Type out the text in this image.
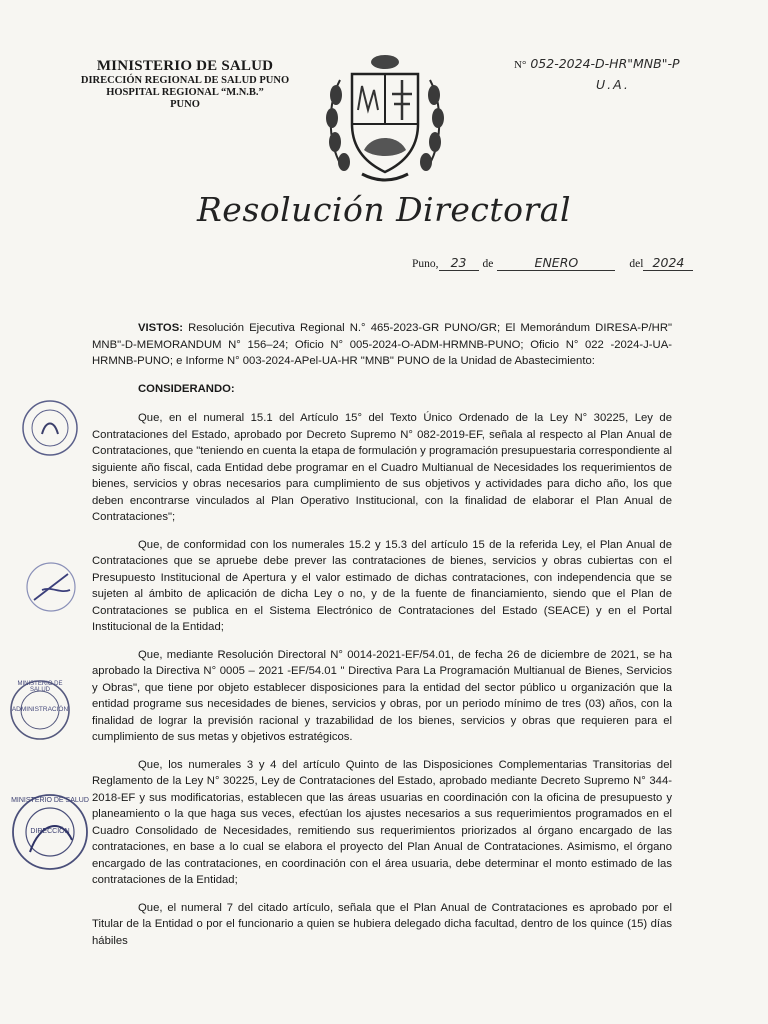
MINISTERIO DE SALUD
DIRECCIÓN REGIONAL DE SALUD PUNO
HOSPITAL REGIONAL “M.N.B.”
PUNO
N° 052-2024-D-HR"MNB"-P
U.A.
Resolución Directoral
Puno, 23	de	ENERO	del 2024

VISTOS: Resolución Ejecutiva Regional N.° 465-2023-GR PUNO/GR; El Memorándum DIRESA-P/HR" MNB"-D-MEMORANDUM N° 156–24; Oficio N° 005-2024-O-ADM-HRMNB-PUNO; Oficio N° 022 -2024-J-UA-HRMNB-PUNO; e Informe N° 003-2024-APel-UA-HR "MNB" PUNO de la Unidad de Abastecimiento:

CONSIDERANDO:

Que, en el numeral 15.1 del Artículo 15° del Texto Único Ordenado de la Ley N° 30225, Ley de Contrataciones del Estado, aprobado por Decreto Supremo N° 082-2019-EF, señala al respecto al Plan Anual de Contrataciones, que "teniendo en cuenta la etapa de formulación y programación presupuestaria correspondiente al siguiente año fiscal, cada Entidad debe programar en el Cuadro Multianual de Necesidades los requerimientos de bienes, servicios y obras necesarios para cumplimiento de sus objetivos y actividades para dicho año, los que deben encontrarse vinculados al Plan Operativo Institucional, con la finalidad de elaborar el Plan Anual de Contrataciones";

Que, de conformidad con los numerales 15.2 y 15.3 del artículo 15 de la referida Ley, el Plan Anual de Contrataciones que se apruebe debe prever las contrataciones de bienes, servicios y obras cubiertas con el Presupuesto Institucional de Apertura y el valor estimado de dichas contrataciones, con independencia que se sujeten al ámbito de aplicación de dicha Ley o no, y de la fuente de financiamiento, siendo que el Plan de Contrataciones se publica en el Sistema Electrónico de Contrataciones del Estado (SEACE) y en el Portal Institucional de la Entidad;

Que, mediante Resolución Directoral N° 0014-2021-EF/54.01, de fecha 26 de diciembre de 2021, se ha aprobado la Directiva N° 0005 – 2021 -EF/54.01 " Directiva Para La Programación Multianual de Bienes, Servicios y Obras", que tiene por objeto establecer disposiciones para la entidad del sector público u organización que la entidad programe sus necesidades de bienes, servicios y obras, por un periodo mínimo de tres (03) años, con la finalidad de lograr la previsión racional y trazabilidad de los bienes, servicios y obras que requieren para el cumplimiento de sus metas y objetivos estratégicos.

Que, los numerales 3 y 4 del artículo Quinto de las Disposiciones Complementarias Transitorias del Reglamento de la Ley N° 30225, Ley de Contrataciones del Estado, aprobado mediante Decreto Supremo N° 344-2018-EF y sus modificatorias, establecen que las áreas usuarias en coordinación con la oficina de presupuesto y planeamiento o la que haga sus veces, efectúan los ajustes necesarios a sus requerimientos programados en el Cuadro Consolidado de Necesidades, remitiendo sus requerimientos priorizados al órgano encargado de las contrataciones, en base a lo cual se elabora el proyecto del Plan Anual de Contrataciones. Asimismo, el órgano encargado de las contrataciones, en coordinación con el área usuaria, debe determinar el monto estimado de las contrataciones de la Entidad;

Que, el numeral 7 del citado artículo, señala que el Plan Anual de Contrataciones es aprobado por el Titular de la Entidad o por el funcionario a quien se hubiera delegado dicha facultad, dentro de los quince (15) días hábiles

MINISTERIO DE SALUD
ADMINISTRACIÓN
MINISTERIO DE SALUD
DIRECCIÓN
